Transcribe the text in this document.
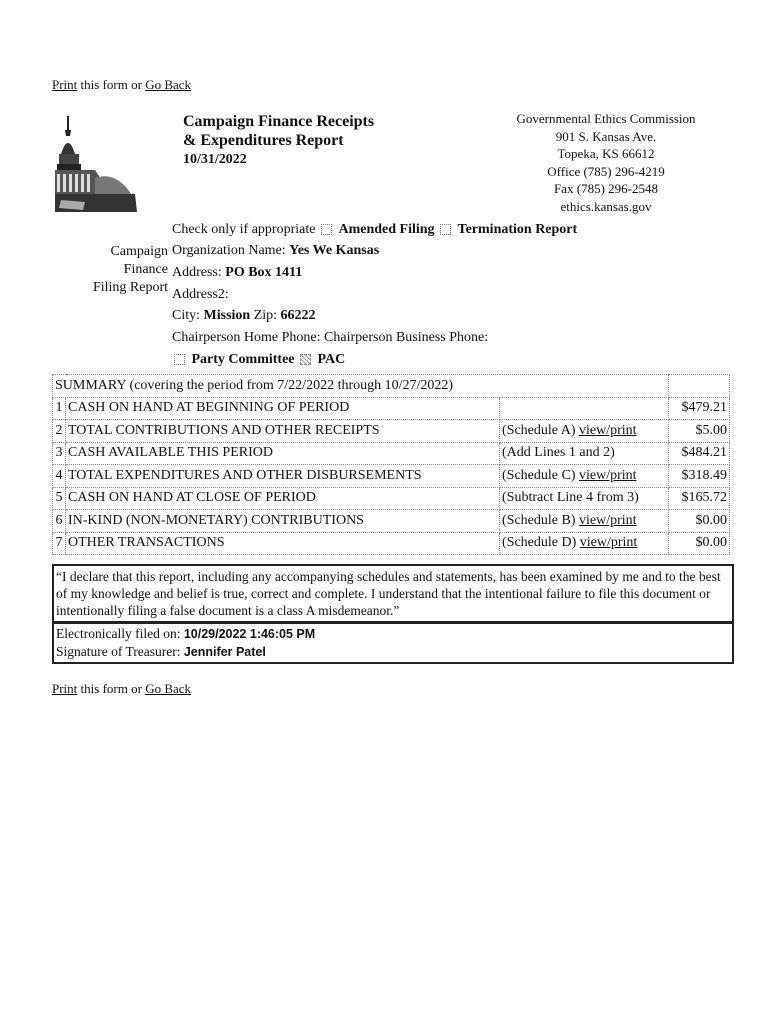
Print this form or Go Back
Campaign Finance Receipts
& Expenditures Report
10/31/2022
Governmental Ethics Commission
901 S. Kansas Ave.
Topeka, KS 66612
Office (785) 296-4219
Fax (785) 296-2548
ethics.kansas.gov
Campaign
Finance
Filing Report
Check only if appropriate Amended Filing Termination Report
Organization Name: Yes We Kansas
Address: PO Box 1411
Address2:
City: Mission Zip: 66222
Chairperson Home Phone: Chairperson Business Phone:
Party Committee PAC
SUMMARY (covering the period from 7/22/2022 through 10/27/2022)			
1	CASH ON HAND AT BEGINNING OF PERIOD		$479.21
2	TOTAL CONTRIBUTIONS AND OTHER RECEIPTS	(Schedule A) view/print	$5.00
3	CASH AVAILABLE THIS PERIOD	(Add Lines 1 and 2)	$484.21
4	TOTAL EXPENDITURES AND OTHER DISBURSEMENTS	(Schedule C) view/print	$318.49
5	CASH ON HAND AT CLOSE OF PERIOD	(Subtract Line 4 from 3)	$165.72
6	IN-KIND (NON-MONETARY) CONTRIBUTIONS	(Schedule B) view/print	$0.00
7	OTHER TRANSACTIONS	(Schedule D) view/print	$0.00
“I declare that this report, including any accompanying schedules and statements, has been examined by me and to the best of my knowledge and belief is true, correct and complete. I understand that the intentional failure to file this document or intentionally filing a false document is a class A misdemeanor.”
Electronically filed on: 10/29/2022 1:46:05 PM
Signature of Treasurer: Jennifer Patel
Print this form or Go Back
